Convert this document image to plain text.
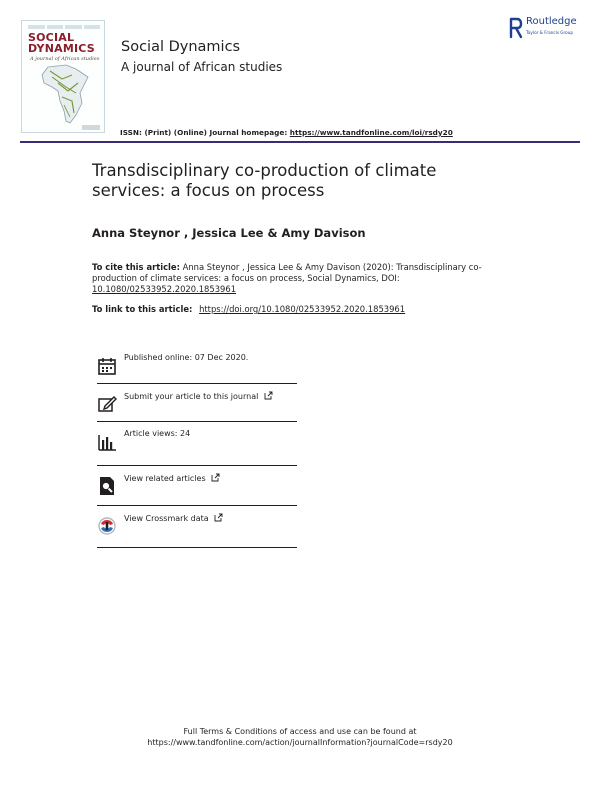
SOCIAL
DYNAMICS
A journal of African studies
Social Dynamics
A journal of African studies
ISSN: (Print) (Online) Journal homepage: https://www.tandfonline.com/loi/rsdy20
Routledge
Taylor & Francis Group
Transdisciplinary co-production of climate services: a focus on process
Anna Steynor , Jessica Lee & Amy Davison
To cite this article: Anna Steynor , Jessica Lee & Amy Davison (2020): Transdisciplinary co-production of climate services: a focus on process, Social Dynamics, DOI: 10.1080/02533952.2020.1853961
To link to this article: https://doi.org/10.1080/02533952.2020.1853961
Published online: 07 Dec 2020.
Submit your article to this journal
Article views: 24
View related articles
View Crossmark data
Full Terms & Conditions of access and use can be found at
https://www.tandfonline.com/action/journalInformation?journalCode=rsdy20
